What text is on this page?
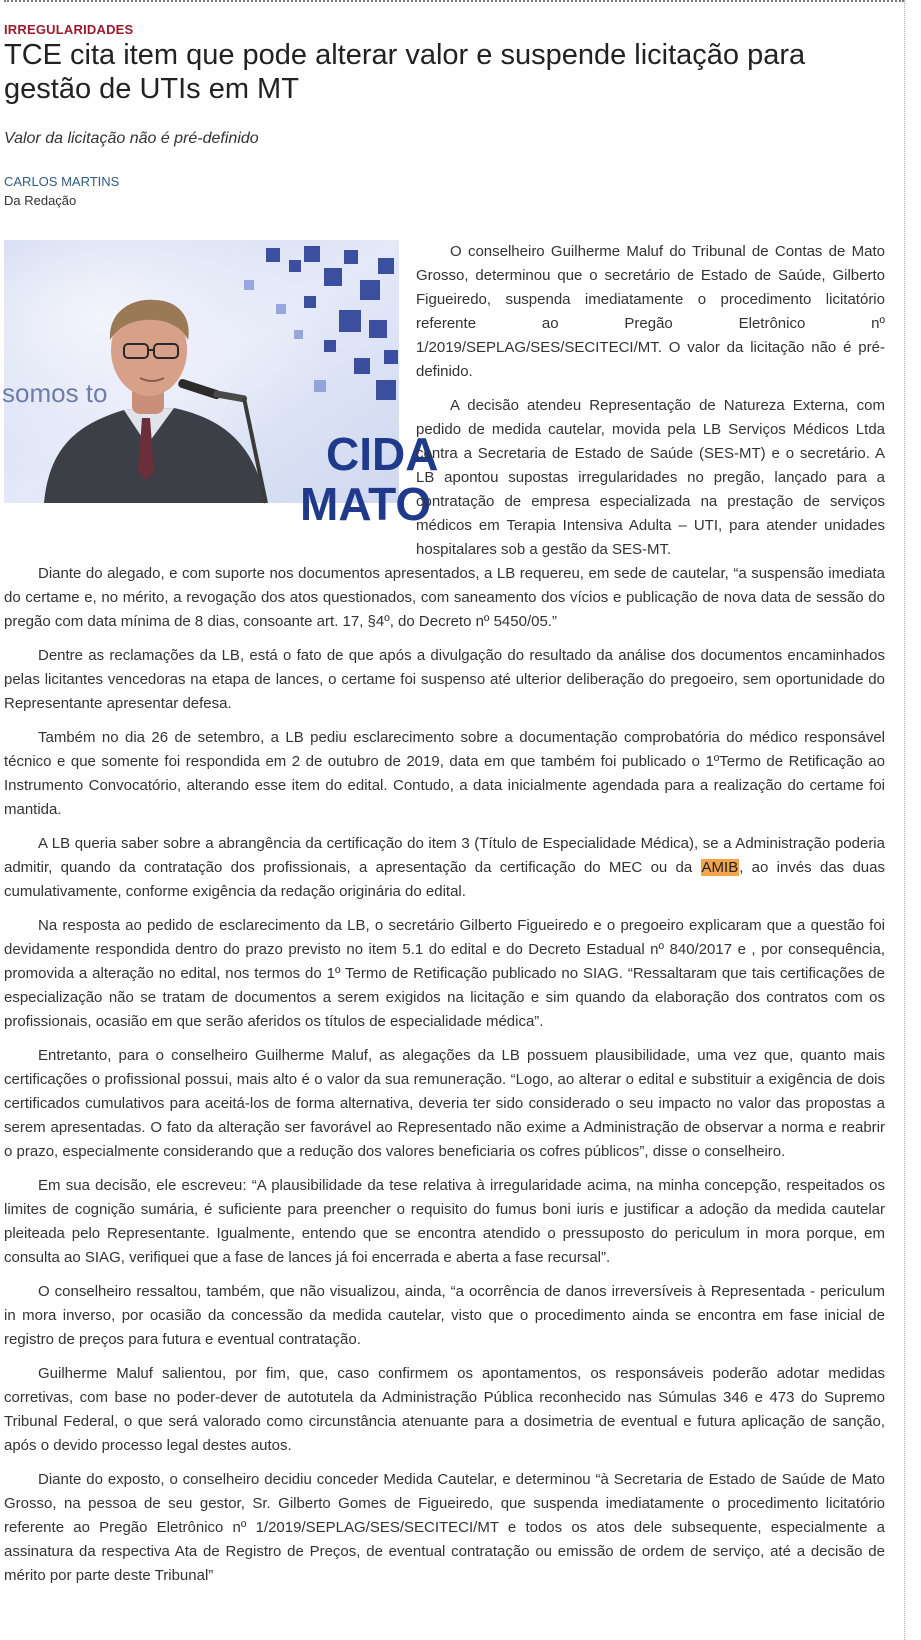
IRREGULARIDADES
TCE cita item que pode alterar valor e suspende licitação para gestão de UTIs em MT
Valor da licitação não é pré-definido
CARLOS MARTINS
Da Redação
somos to
CIDA
MATO

O conselheiro Guilherme Maluf do Tribunal de Contas de Mato Grosso, determinou que o secretário de Estado de Saúde, Gilberto Figueiredo, suspenda imediatamente o procedimento licitatório referente ao Pregão Eletrônico nº 1/2019/SEPLAG/SES/SECITECI/MT. O valor da licitação não é pré-definido.

A decisão atendeu Representação de Natureza Externa, com pedido de medida cautelar, movida pela LB Serviços Médicos Ltda contra a Secretaria de Estado de Saúde (SES-MT) e o secretário. A LB apontou supostas irregularidades no pregão, lançado para a contratação de empresa especializada na prestação de serviços médicos em Terapia Intensiva Adulta – UTI, para atender unidades hospitalares sob a gestão da SES-MT.

Diante do alegado, e com suporte nos documentos apresentados, a LB requereu, em sede de cautelar, “a suspensão imediata do certame e, no mérito, a revogação dos atos questionados, com saneamento dos vícios e publicação de nova data de sessão do pregão com data mínima de 8 dias, consoante art. 17, §4º, do Decreto nº 5450/05.”

Dentre as reclamações da LB, está o fato de que após a divulgação do resultado da análise dos documentos encaminhados pelas licitantes vencedoras na etapa de lances, o certame foi suspenso até ulterior deliberação do pregoeiro, sem oportunidade do Representante apresentar defesa.

Também no dia 26 de setembro, a LB pediu esclarecimento sobre a documentação comprobatória do médico responsável técnico e que somente foi respondida em 2 de outubro de 2019, data em que também foi publicado o 1ºTermo de Retificação ao Instrumento Convocatório, alterando esse item do edital. Contudo, a data inicialmente agendada para a realização do certame foi mantida.

A LB queria saber sobre a abrangência da certificação do item 3 (Título de Especialidade Médica), se a Administração poderia admitir, quando da contratação dos profissionais, a apresentação da certificação do MEC ou da AMIB, ao invés das duas cumulativamente, conforme exigência da redação originária do edital.

Na resposta ao pedido de esclarecimento da LB, o secretário Gilberto Figueiredo e o pregoeiro explicaram que a questão foi devidamente respondida dentro do prazo previsto no item 5.1 do edital e do Decreto Estadual nº 840/2017 e , por consequência, promovida a alteração no edital, nos termos do 1º Termo de Retificação publicado no SIAG. “Ressaltaram que tais certificações de especialização não se tratam de documentos a serem exigidos na licitação e sim quando da elaboração dos contratos com os profissionais, ocasião em que serão aferidos os títulos de especialidade médica”.

Entretanto, para o conselheiro Guilherme Maluf, as alegações da LB possuem plausibilidade, uma vez que, quanto mais certificações o profissional possui, mais alto é o valor da sua remuneração. “Logo, ao alterar o edital e substituir a exigência de dois certificados cumulativos para aceitá-los de forma alternativa, deveria ter sido considerado o seu impacto no valor das propostas a serem apresentadas. O fato da alteração ser favorável ao Representado não exime a Administração de observar a norma e reabrir o prazo, especialmente considerando que a redução dos valores beneficiaria os cofres públicos”, disse o conselheiro.

Em sua decisão, ele escreveu: “A plausibilidade da tese relativa à irregularidade acima, na minha concepção, respeitados os limites de cognição sumária, é suficiente para preencher o requisito do fumus boni iuris e justificar a adoção da medida cautelar pleiteada pelo Representante. Igualmente, entendo que se encontra atendido o pressuposto do periculum in mora porque, em consulta ao SIAG, verifiquei que a fase de lances já foi encerrada e aberta a fase recursal”.

O conselheiro ressaltou, também, que não visualizou, ainda, “a ocorrência de danos irreversíveis à Representada - periculum in mora inverso, por ocasião da concessão da medida cautelar, visto que o procedimento ainda se encontra em fase inicial de registro de preços para futura e eventual contratação.

Guilherme Maluf salientou, por fim, que, caso confirmem os apontamentos, os responsáveis poderão adotar medidas corretivas, com base no poder-dever de autotutela da Administração Pública reconhecido nas Súmulas 346 e 473 do Supremo Tribunal Federal, o que será valorado como circunstância atenuante para a dosimetria de eventual e futura aplicação de sanção, após o devido processo legal destes autos.

Diante do exposto, o conselheiro decidiu conceder Medida Cautelar, e determinou “à Secretaria de Estado de Saúde de Mato Grosso, na pessoa de seu gestor, Sr. Gilberto Gomes de Figueiredo, que suspenda imediatamente o procedimento licitatório referente ao Pregão Eletrônico nº 1/2019/SEPLAG/SES/SECITECI/MT e todos os atos dele subsequente, especialmente a assinatura da respectiva Ata de Registro de Preços, de eventual contratação ou emissão de ordem de serviço, até a decisão de mérito por parte deste Tribunal”
